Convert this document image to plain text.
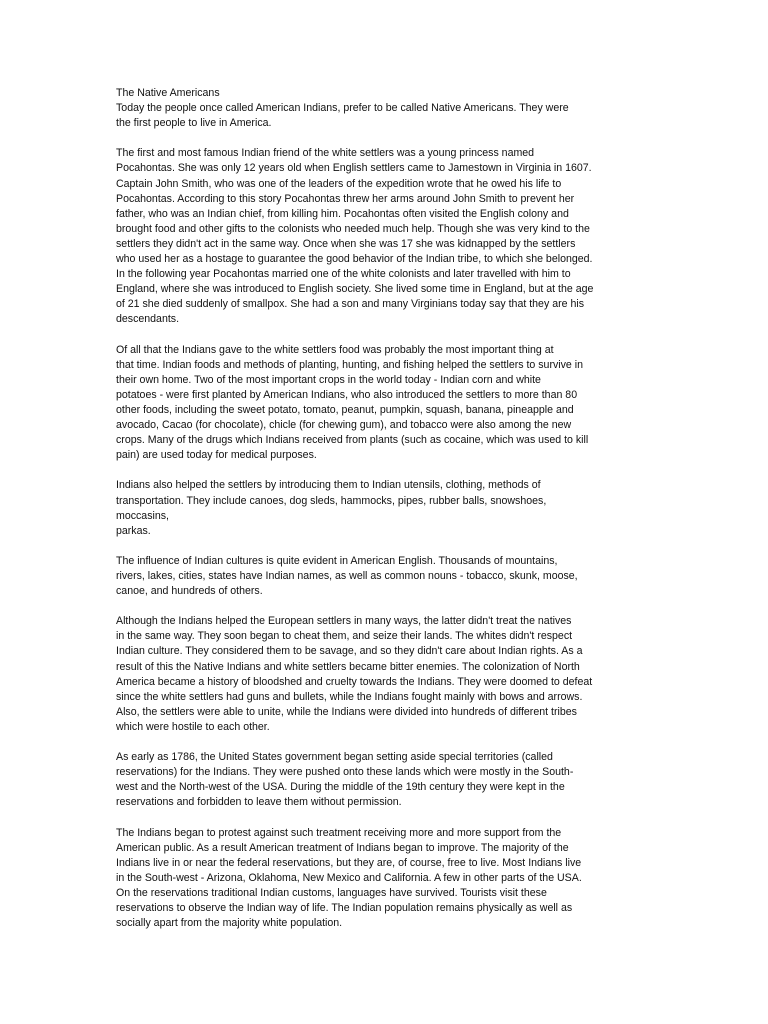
The Native Americans
Today the people once called American Indians, prefer to be called Native Americans. They were
the first people to live in America.
The first and most famous Indian friend of the white settlers was a young princess named
Pocahontas. She was only 12 years old when English settlers came to Jamestown in Virginia in 1607.
Captain John Smith, who was one of the leaders of the expedition wrote that he owed his life to
Pocahontas. According to this story Pocahontas threw her arms around John Smith to prevent her
father, who was an Indian chief, from killing him. Pocahontas often visited the English colony and
brought food and other gifts to the colonists who needed much help. Though she was very kind to the
settlers they didn't act in the same way. Once when she was 17 she was kidnapped by the settlers
who used her as a hostage to guarantee the good behavior of the Indian tribe, to which she belonged.
In the following year Pocahontas married one of the white colonists and later travelled with him to
England, where she was introduced to English society. She lived some time in England, but at the age
of 21 she died suddenly of smallpox. She had a son and many Virginians today say that they are his
descendants.
Of all that the Indians gave to the white settlers food was probably the most important thing at
that time. Indian foods and methods of planting, hunting, and fishing helped the settlers to survive in
their own home. Two of the most important crops in the world today - Indian corn and white
potatoes - were first planted by American Indians, who also introduced the settlers to more than 80
other foods, including the sweet potato, tomato, peanut, pumpkin, squash, banana, pineapple and
avocado, Cacao (for chocolate), chicle (for chewing gum), and tobacco were also among the new
crops. Many of the drugs which Indians received from plants (such as cocaine, which was used to kill
pain) are used today for medical purposes.
Indians also helped the settlers by introducing them to Indian utensils, clothing, methods of
transportation. They include canoes, dog sleds, hammocks, pipes, rubber balls, snowshoes,
moccasins,
parkas.
The influence of Indian cultures is quite evident in American English. Thousands of mountains,
rivers, lakes, cities, states have Indian names, as well as common nouns - tobacco, skunk, moose,
canoe, and hundreds of others.
Although the Indians helped the European settlers in many ways, the latter didn't treat the natives
in the same way. They soon began to cheat them, and seize their lands. The whites didn't respect
Indian culture. They considered them to be savage, and so they didn't care about Indian rights. As a
result of this the Native Indians and white settlers became bitter enemies. The colonization of North
America became a history of bloodshed and cruelty towards the Indians. They were doomed to defeat
since the white settlers had guns and bullets, while the Indians fought mainly with bows and arrows.
Also, the settlers were able to unite, while the Indians were divided into hundreds of different tribes
which were hostile to each other.
As early as 1786, the United States government began setting aside special territories (called
reservations) for the Indians. They were pushed onto these lands which were mostly in the South-
west and the North-west of the USA. During the middle of the 19th century they were kept in the
reservations and forbidden to leave them without permission.
The Indians began to protest against such treatment receiving more and more support from the
American public. As a result American treatment of Indians began to improve. The majority of the
Indians live in or near the federal reservations, but they are, of course, free to live. Most Indians live
in the South-west - Arizona, Oklahoma, New Mexico and California. A few in other parts of the USA.
On the reservations traditional Indian customs, languages have survived. Tourists visit these
reservations to observe the Indian way of life. The Indian population remains physically as well as
socially apart from the majority white population.
